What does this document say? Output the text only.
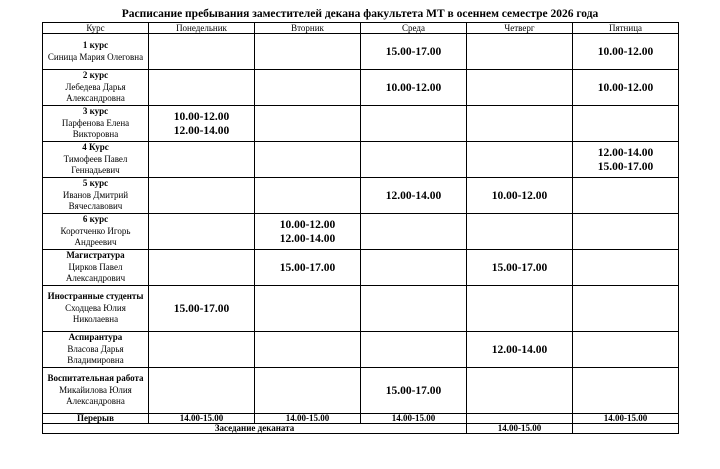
Расписание пребывания заместителей декана факультета МТ в осеннем семестре 2026 года
Курс	Понедельник	Вторник	Среда	Четверг	Пятница

1 курс
Синица Мария Олеговна			15.00-17.00		10.00-12.00

2 курс
Лебедева Дарья Александровна			10.00-12.00		10.00-12.00

3 курс
Парфенова Елена Викторовна	10.00-12.00
12.00-14.00				

4 Курс
Тимофеев Павел Геннадьевич					12.00-14.00
15.00-17.00

5 курс
Иванов Дмитрий Вячеславович			12.00-14.00	10.00-12.00	

6 курс
Коротченко Игорь Андреевич		10.00-12.00
12.00-14.00			

Магистратура
Цирков Павел Александрович		15.00-17.00		15.00-17.00	

Иностранные студенты
Сходцева Юлия Николаевна	15.00-17.00				

Аспирантура
Власова Дарья Владимировна				12.00-14.00	

Воспитательная работа
Микайилова Юлия Александровна			15.00-17.00		

Перерыв	14.00-15.00	14.00-15.00	14.00-15.00		14.00-15.00
Заседание деканата				14.00-15.00	
